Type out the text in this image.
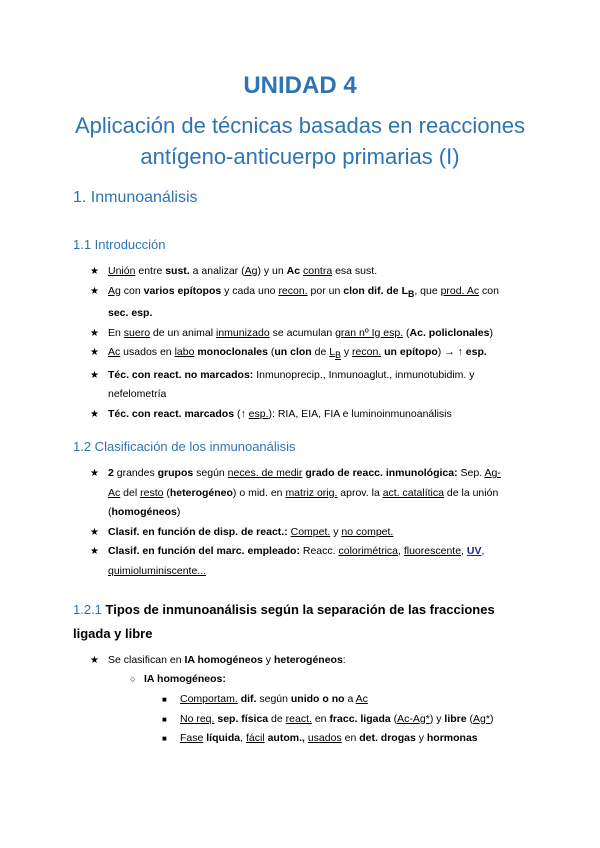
UNIDAD 4
Aplicación de técnicas basadas en reacciones
antígeno-anticuerpo primarias (I)
1. Inmunoanálisis
1.1 Introducción
★ Unión entre sust. a analizar (Ag) y un Ac contra esa sust.
★ Ag con varios epítopos y cada uno recon. por un clon dif. de $L_B$, que prod. Ac con sec. esp.
★ En suero de un animal inmunizado se acumulan gran nº Ig esp. (Ac. policlonales)
★ Ac usados en labo monoclonales (un clon de $L_B$ y recon. un epítopo) → ↑ esp.
★ Téc. con react. no marcados: Inmunoprecip., Inmunoaglut., inmunotubidim. y nefelometría
★ Téc. con react. marcados (↑ esp.): RIA, EIA, FIA e luminoinmunoanálisis
1.2 Clasificación de los inmunoanálisis
★ 2 grandes grupos según neces. de medir grado de reacc. inmunológica: Sep. Ag-Ac del resto (heterogéneo) o mid. en matriz orig. aprov. la act. catalítica de la unión (homogéneos)
★ Clasif. en función de disp. de react.: Compet. y no compet.
★ Clasif. en función del marc. empleado: Reacc. colorimétrica, fluorescente, UV, quimioluminiscente...
1.2.1 Tipos de inmunoanálisis según la separación de las fracciones ligada y libre
★ Se clasifican en IA homogéneos y heterogéneos:
○ IA homogéneos:
■ Comportam. dif. según unido o no a Ac
■ No req. sep. física de react. en fracc. ligada (Ac-Ag*) y libre (Ag*)
■ Fase líquida, fácil autom., usados en det. drogas y hormonas
